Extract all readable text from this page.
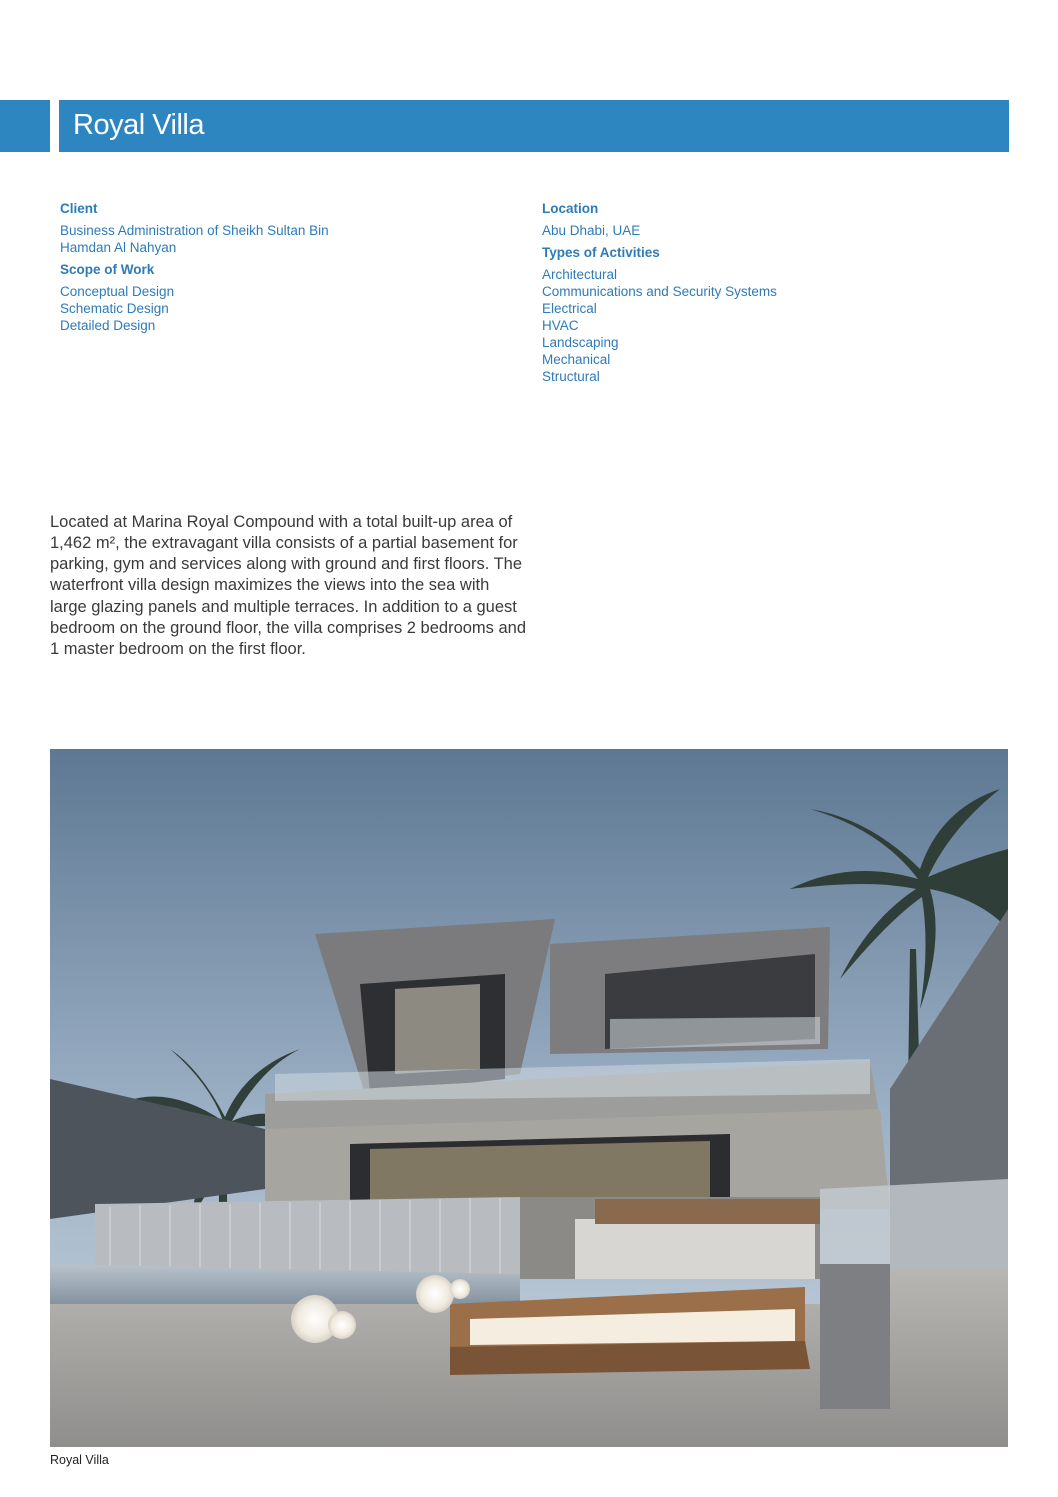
Royal Villa
Client
Business Administration of Sheikh Sultan Bin
Hamdan Al Nahyan
Scope of Work
Conceptual Design
Schematic Design
Detailed Design
Location
Abu Dhabi, UAE
Types of Activities
Architectural
Communications and Security Systems
Electrical
HVAC
Landscaping
Mechanical
Structural

Located at Marina Royal Compound with a total built-up area of 1,462 m², the extravagant villa consists of a partial basement for parking, gym and services along with ground and first floors. The waterfront villa design maximizes the views into the sea with large glazing panels and multiple terraces. In addition to a guest bedroom on the ground floor, the villa comprises 2 bedrooms and 1 master bedroom on the first floor.

Royal Villa
